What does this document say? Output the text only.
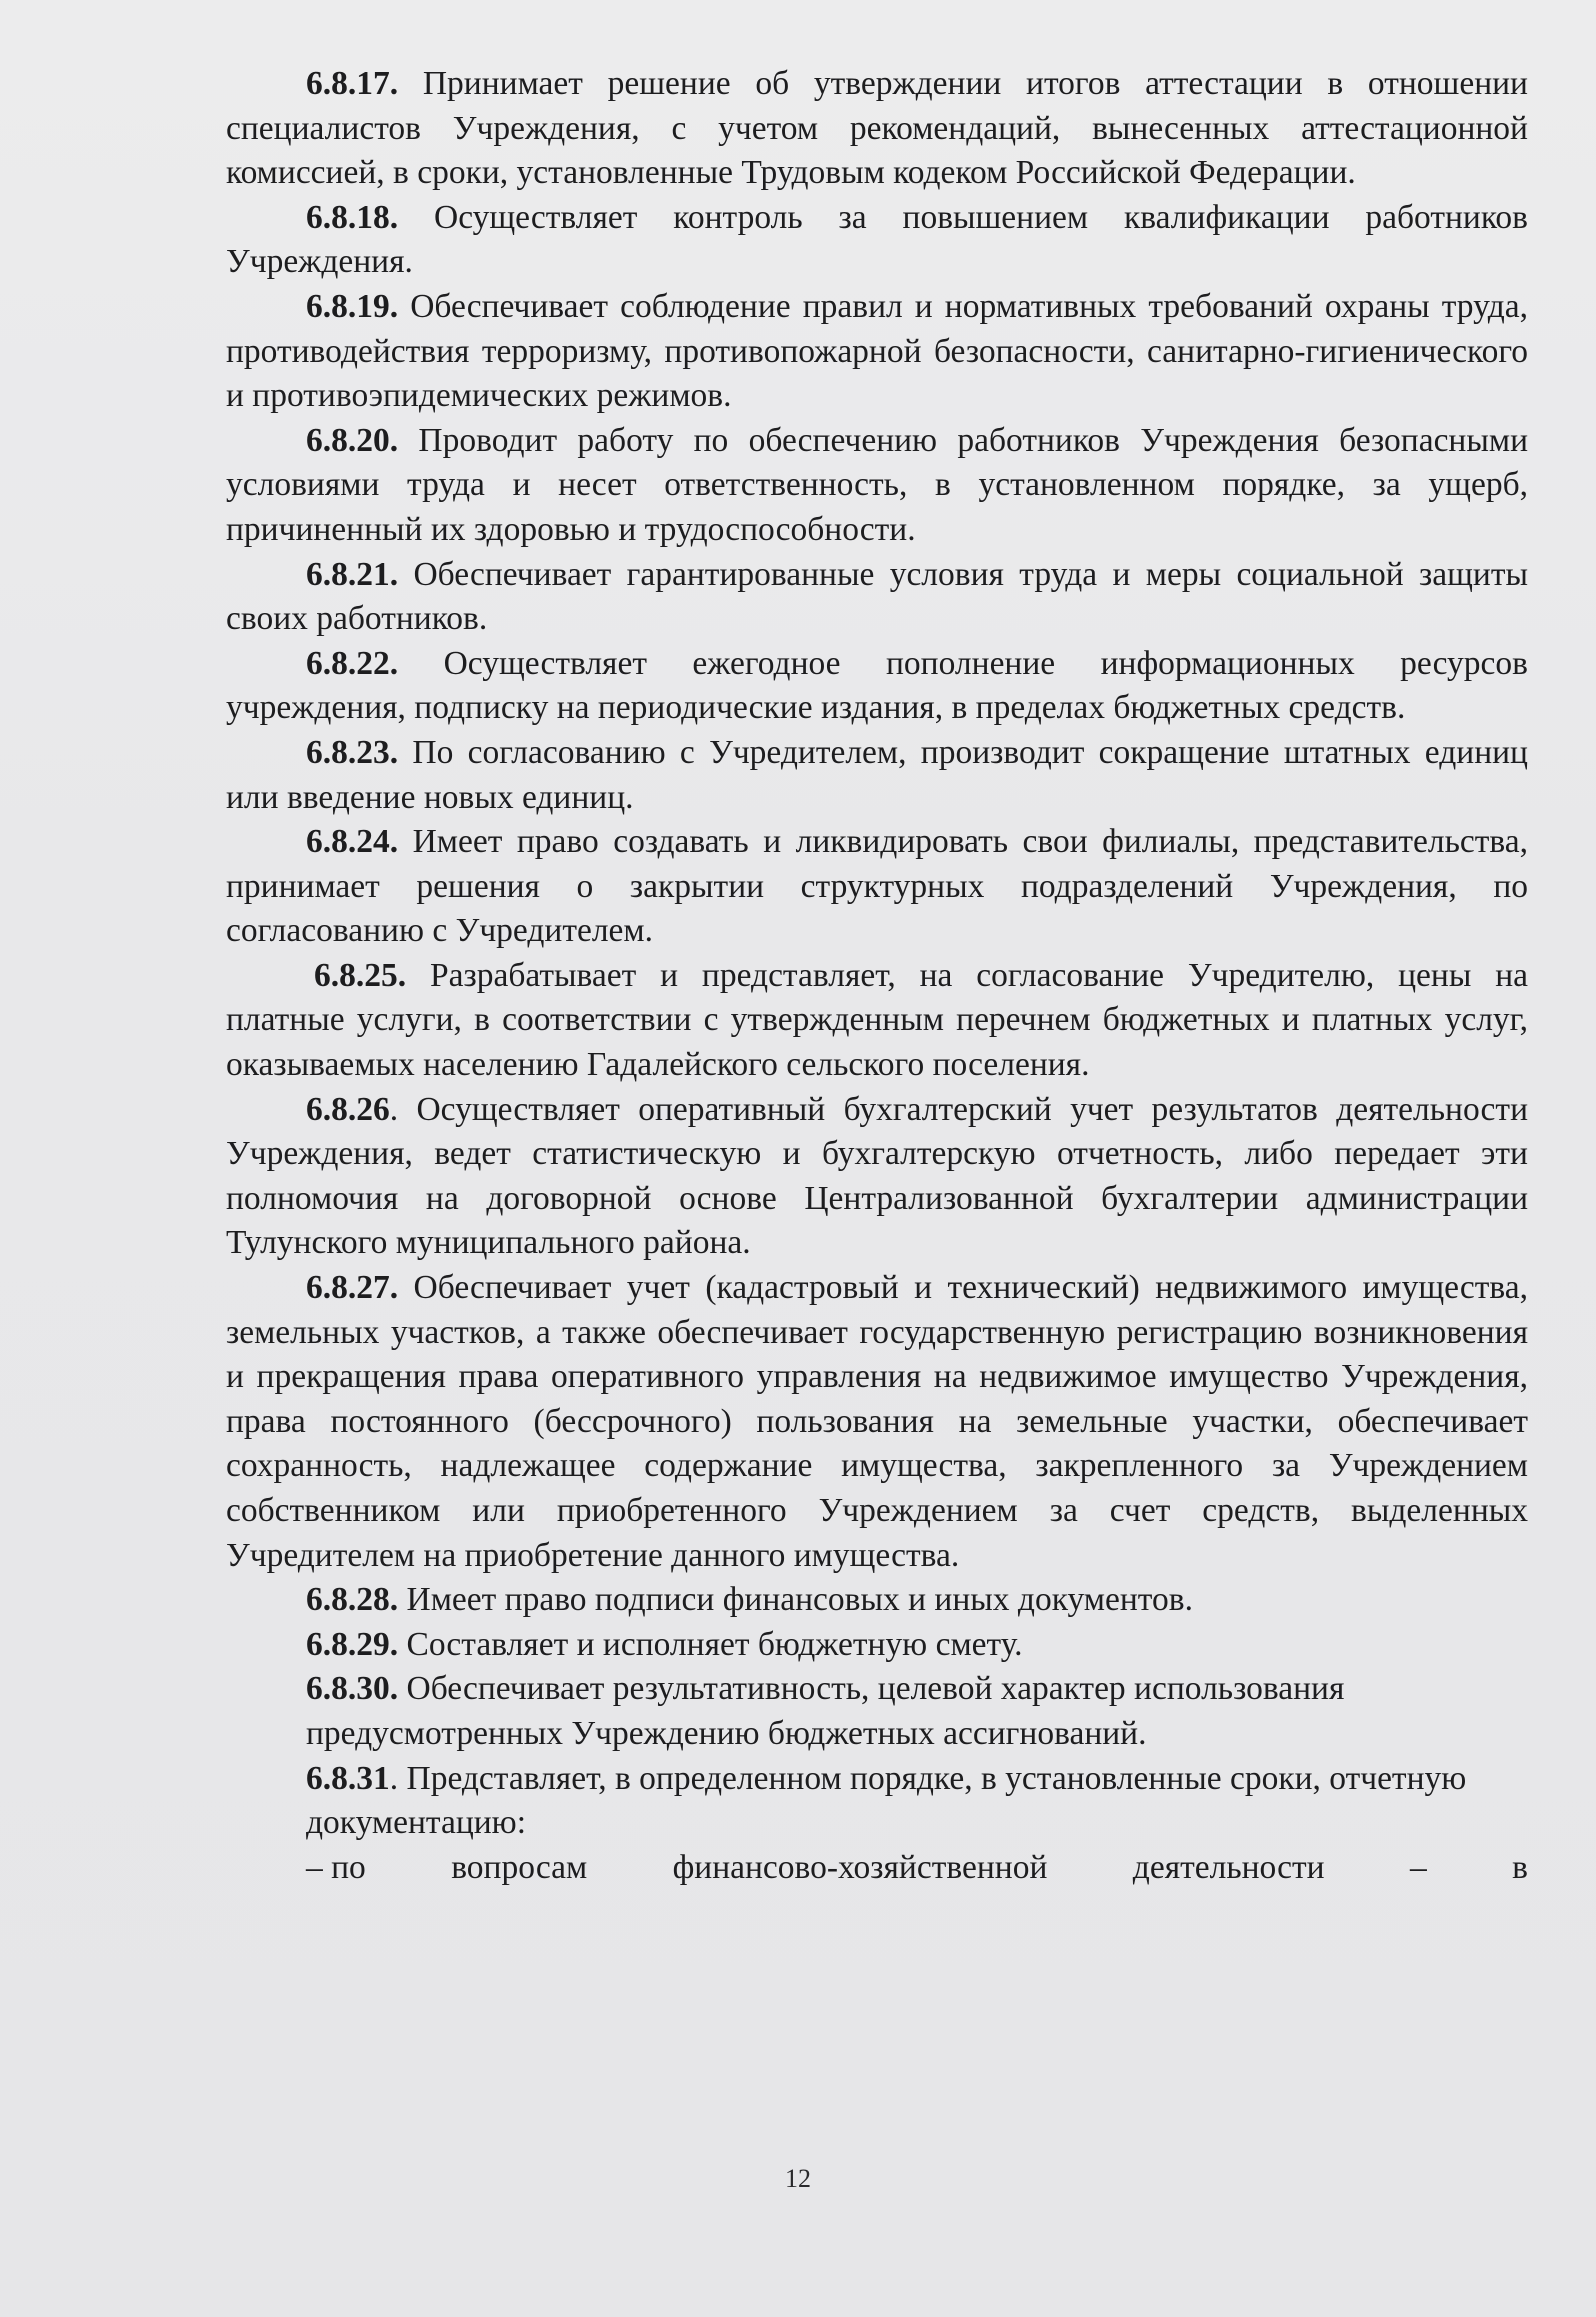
6.8.17. Принимает решение об утверждении итогов аттестации в отношении специалистов Учреждения, с учетом рекомендаций, вынесенных аттестационной комиссией, в сроки, установленные Трудовым кодеком Российской Федерации.

6.8.18. Осуществляет контроль за повышением квалификации работников Учреждения.

6.8.19. Обеспечивает соблюдение правил и нормативных требований охраны труда, противодействия терроризму, противопожарной безопасности, санитарно-гигиенического и противоэпидемических режимов.

6.8.20. Проводит работу по обеспечению работников Учреждения безопасными условиями труда и несет ответственность, в установленном порядке, за ущерб, причиненный их здоровью и трудоспособности.

6.8.21. Обеспечивает гарантированные условия труда и меры социальной защиты своих работников.

6.8.22. Осуществляет ежегодное пополнение информационных ресурсов учреждения, подписку на периодические издания, в пределах бюджетных средств.

6.8.23. По согласованию с Учредителем, производит сокращение штатных единиц или введение новых единиц.

6.8.24. Имеет право создавать и ликвидировать свои филиалы, представительства, принимает решения о закрытии структурных подразделений Учреждения, по согласованию с Учредителем.

6.8.25. Разрабатывает и представляет, на согласование Учредителю, цены на платные услуги, в соответствии с утвержденным перечнем бюджетных и платных услуг, оказываемых населению Гадалейского сельского поселения.

6.8.26. Осуществляет оперативный бухгалтерский учет результатов деятельности Учреждения, ведет статистическую и бухгалтерскую отчетность, либо передает эти полномочия на договорной основе Централизованной бухгалтерии администрации Тулунского муниципального района.

6.8.27. Обеспечивает учет (кадастровый и технический) недвижимого имущества, земельных участков, а также обеспечивает государственную регистрацию возникновения и прекращения права оперативного управления на недвижимое имущество Учреждения, права постоянного (бессрочного) пользования на земельные участки, обеспечивает сохранность, надлежащее содержание имущества, закрепленного за Учреждением собственником или приобретенного Учреждением за счет средств, выделенных Учредителем на приобретение данного имущества.

6.8.28. Имеет право подписи финансовых и иных документов.

6.8.29. Составляет и исполняет бюджетную смету.

6.8.30. Обеспечивает результативность, целевой характер использования предусмотренных Учреждению бюджетных ассигнований.

6.8.31. Представляет, в определенном порядке, в установленные сроки, отчетную документацию:

– по	вопросам	финансово-хозяйственной	деятельности	–	в

12
